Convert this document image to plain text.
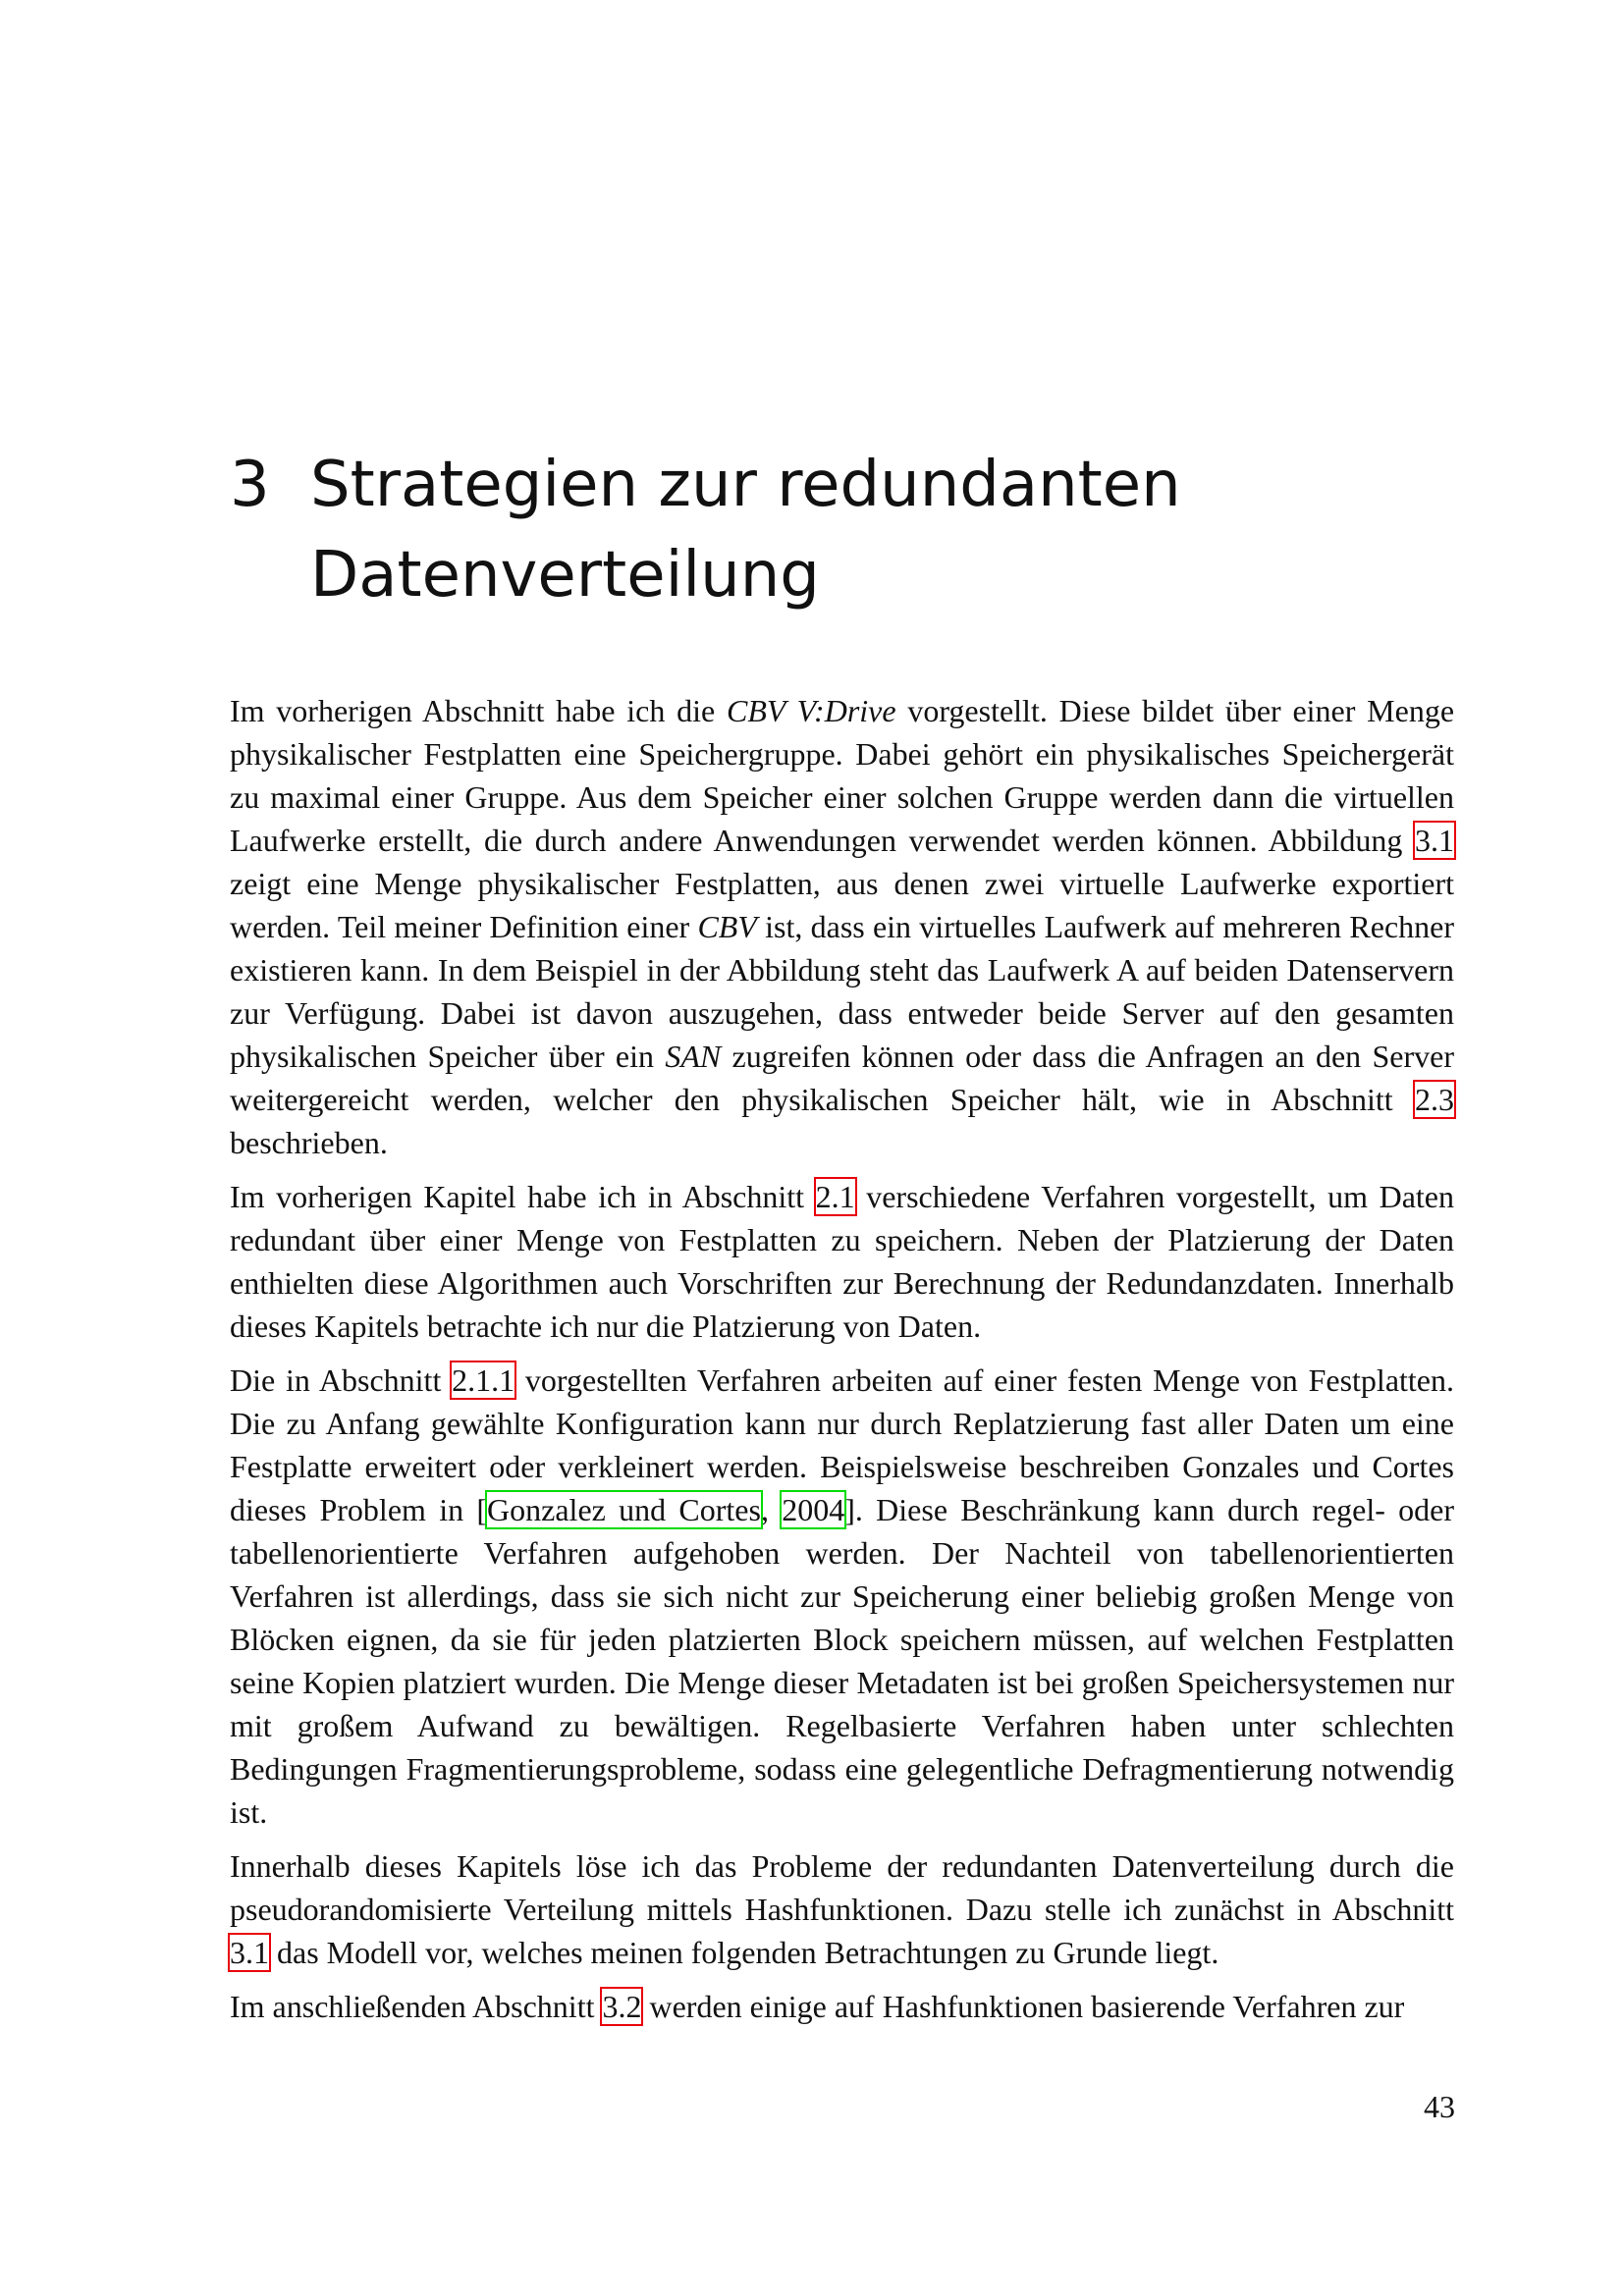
3 Strategien zur redundanten
Datenverteilung

Im vorherigen Abschnitt habe ich die CBV V:Drive vorgestellt. Diese bildet über einer Menge physikalischer Festplatten eine Speichergruppe. Dabei gehört ein physikalisches Speichergerät zu maximal einer Gruppe. Aus dem Speicher einer solchen Gruppe werden dann die virtuellen Laufwerke erstellt, die durch andere Anwendungen verwendet werden können. Abbildung 3.1 zeigt eine Menge physikalischer Festplatten, aus denen zwei virtuelle Laufwerke exportiert werden. Teil meiner Definition einer CBV ist, dass ein virtuelles Laufwerk auf mehreren Rechner existieren kann. In dem Beispiel in der Abbildung steht das Laufwerk A auf beiden Datenservern zur Verfügung. Dabei ist davon auszugehen, dass entweder beide Server auf den gesamten physikalischen Speicher über ein SAN zugreifen können oder dass die Anfragen an den Server weitergereicht werden, welcher den physikalischen Speicher hält, wie in Abschnitt 2.3 beschrieben.

Im vorherigen Kapitel habe ich in Abschnitt 2.1 verschiedene Verfahren vorgestellt, um Daten redundant über einer Menge von Festplatten zu speichern. Neben der Platzierung der Daten enthielten diese Algorithmen auch Vorschriften zur Berechnung der Redundanzdaten. Innerhalb dieses Kapitels betrachte ich nur die Platzierung von Daten.

Die in Abschnitt 2.1.1 vorgestellten Verfahren arbeiten auf einer festen Menge von Festplatten. Die zu Anfang gewählte Konfiguration kann nur durch Replatzierung fast aller Daten um eine Festplatte erweitert oder verkleinert werden. Beispielsweise beschreiben Gonzales und Cortes dieses Problem in [Gonzalez und Cortes, 2004]. Diese Beschränkung kann durch regel- oder tabellenorientierte Verfahren aufgehoben werden. Der Nachteil von tabellenorientierten Verfahren ist allerdings, dass sie sich nicht zur Speicherung einer beliebig großen Menge von Blöcken eignen, da sie für jeden platzierten Block speichern müssen, auf welchen Festplatten seine Kopien platziert wurden. Die Menge dieser Metadaten ist bei großen Speichersystemen nur mit großem Aufwand zu bewältigen. Regelbasierte Verfahren haben unter schlechten Bedingungen Fragmentierungsprobleme, sodass eine gelegentliche Defragmentierung notwendig ist.

Innerhalb dieses Kapitels löse ich das Probleme der redundanten Datenverteilung durch die pseudorandomisierte Verteilung mittels Hashfunktionen. Dazu stelle ich zunächst in Abschnitt 3.1 das Modell vor, welches meinen folgenden Betrachtungen zu Grunde liegt.

Im anschließenden Abschnitt 3.2 werden einige auf Hashfunktionen basierende Verfahren zur

43
